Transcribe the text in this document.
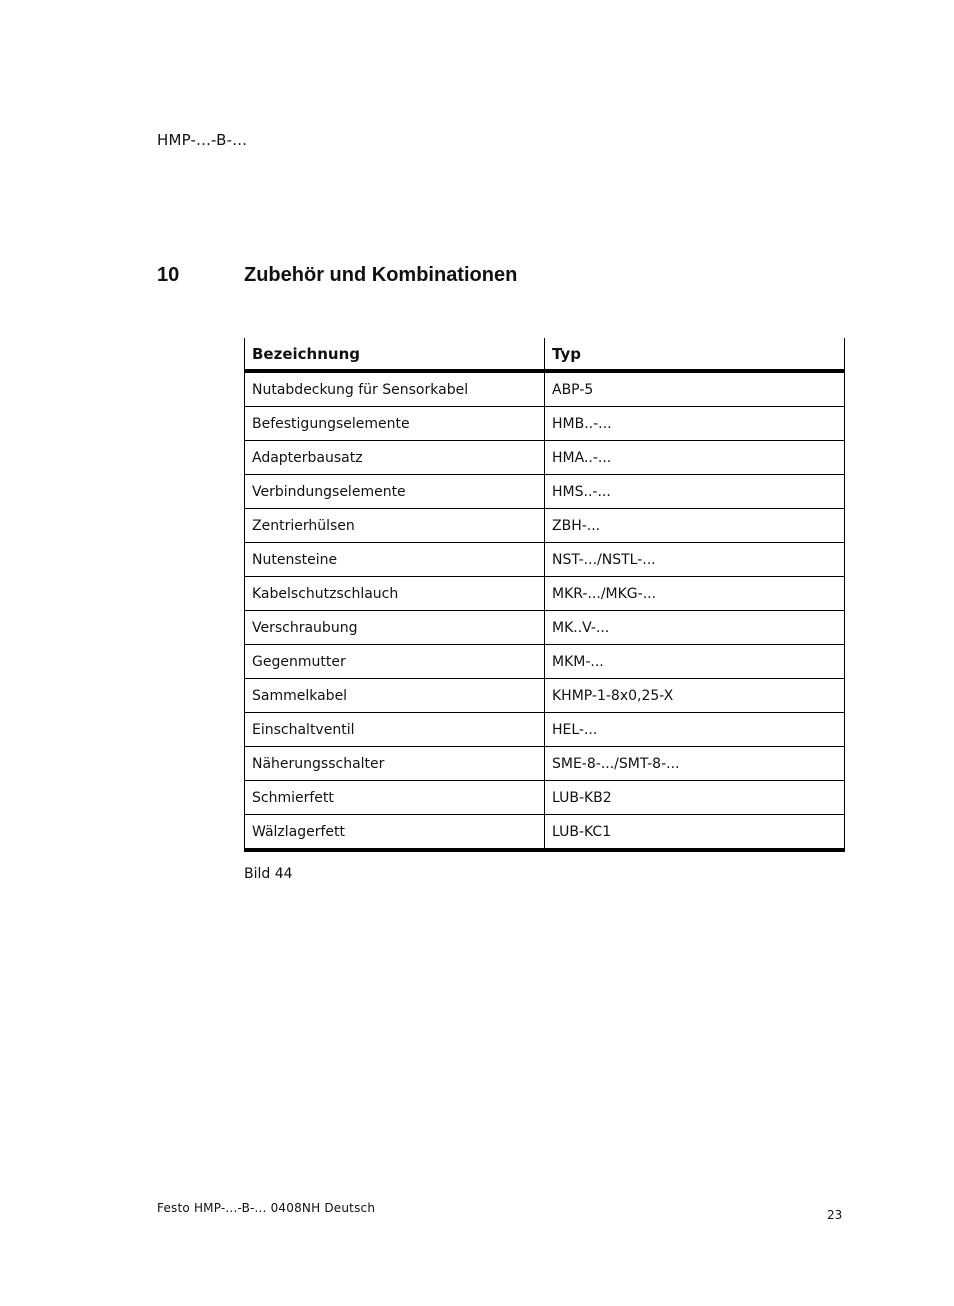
HMP-...-B-...
10	Zubehör und Kombinationen
Bezeichnung	Typ
Nutabdeckung für Sensorkabel	ABP-5
Befestigungselemente	HMB..-...
Adapterbausatz	HMA..-...
Verbindungselemente	HMS..-...
Zentrierhülsen	ZBH-...
Nutensteine	NST-.../NSTL-...
Kabelschutzschlauch	MKR-.../MKG-...
Verschraubung	MK..V-...
Gegenmutter	MKM-...
Sammelkabel	KHMP-1-8x0,25-X
Einschaltventil	HEL-...
Näherungsschalter	SME-8-.../SMT-8-...
Schmierfett	LUB-KB2
Wälzlagerfett	LUB-KC1
Bild 44
Festo HMP-...-B-... 0408NH Deutsch	23
